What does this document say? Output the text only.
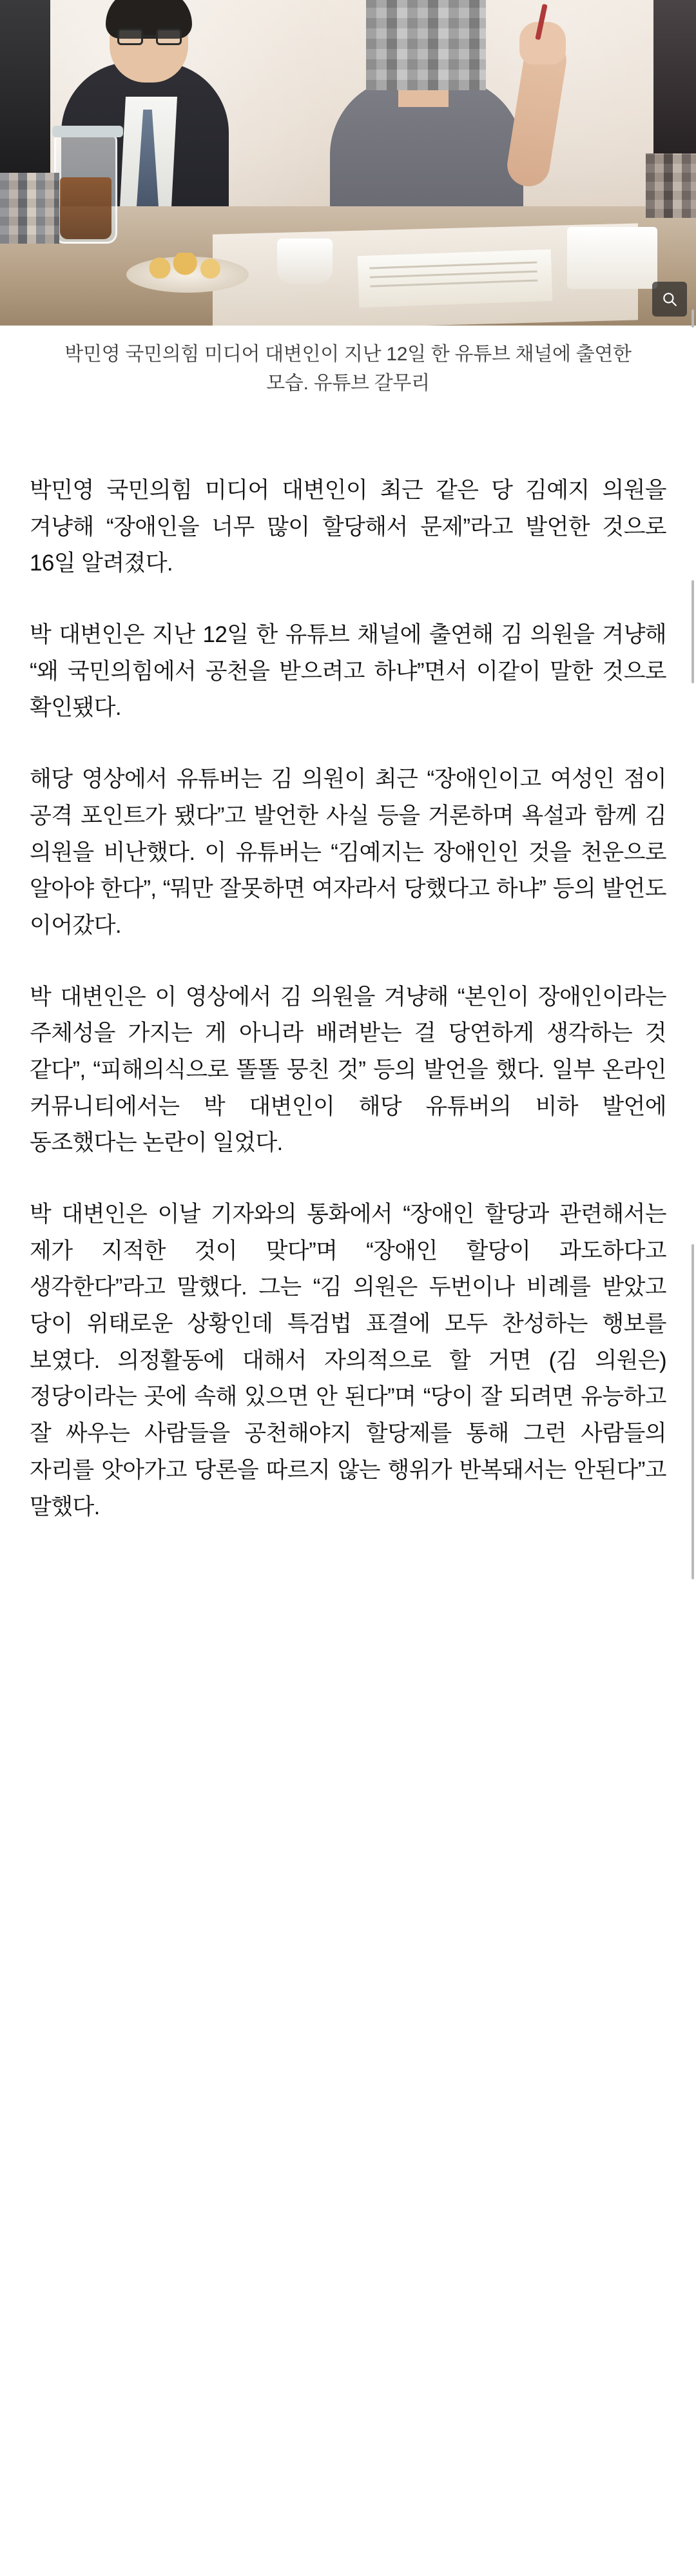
박민영 국민의힘 미디어 대변인이 지난 12일 한 유튜브 채널에 출연한 모습. 유튜브 갈무리

박민영 국민의힘 미디어 대변인이 최근 같은 당 김예지 의원을 겨냥해 “장애인을 너무 많이 할당해서 문제”라고 발언한 것으로 16일 알려졌다.

박 대변인은 지난 12일 한 유튜브 채널에 출연해 김 의원을 겨냥해 “왜 국민의힘에서 공천을 받으려고 하냐”면서 이같이 말한 것으로 확인됐다.

해당 영상에서 유튜버는 김 의원이 최근 “장애인이고 여성인 점이 공격 포인트가 됐다”고 발언한 사실 등을 거론하며 욕설과 함께 김 의원을 비난했다. 이 유튜버는 “김예지는 장애인인 것을 천운으로 알아야 한다”, “뭐만 잘못하면 여자라서 당했다고 하냐” 등의 발언도 이어갔다.

박 대변인은 이 영상에서 김 의원을 겨냥해 “본인이 장애인이라는 주체성을 가지는 게 아니라 배려받는 걸 당연하게 생각하는 것 같다”, “피해의식으로 똘똘 뭉친 것” 등의 발언을 했다. 일부 온라인 커뮤니티에서는 박 대변인이 해당 유튜버의 비하 발언에 동조했다는 논란이 일었다.

박 대변인은 이날 기자와의 통화에서 “장애인 할당과 관련해서는 제가 지적한 것이 맞다”며 “장애인 할당이 과도하다고 생각한다”라고 말했다. 그는 “김 의원은 두번이나 비례를 받았고 당이 위태로운 상황인데 특검법 표결에 모두 찬성하는 행보를 보였다. 의정활동에 대해서 자의적으로 할 거면 (김 의원은) 정당이라는 곳에 속해 있으면 안 된다”며 “당이 잘 되려면 유능하고 잘 싸우는 사람들을 공천해야지 할당제를 통해 그런 사람들의 자리를 앗아가고 당론을 따르지 않는 행위가 반복돼서는 안된다”고 말했다.
